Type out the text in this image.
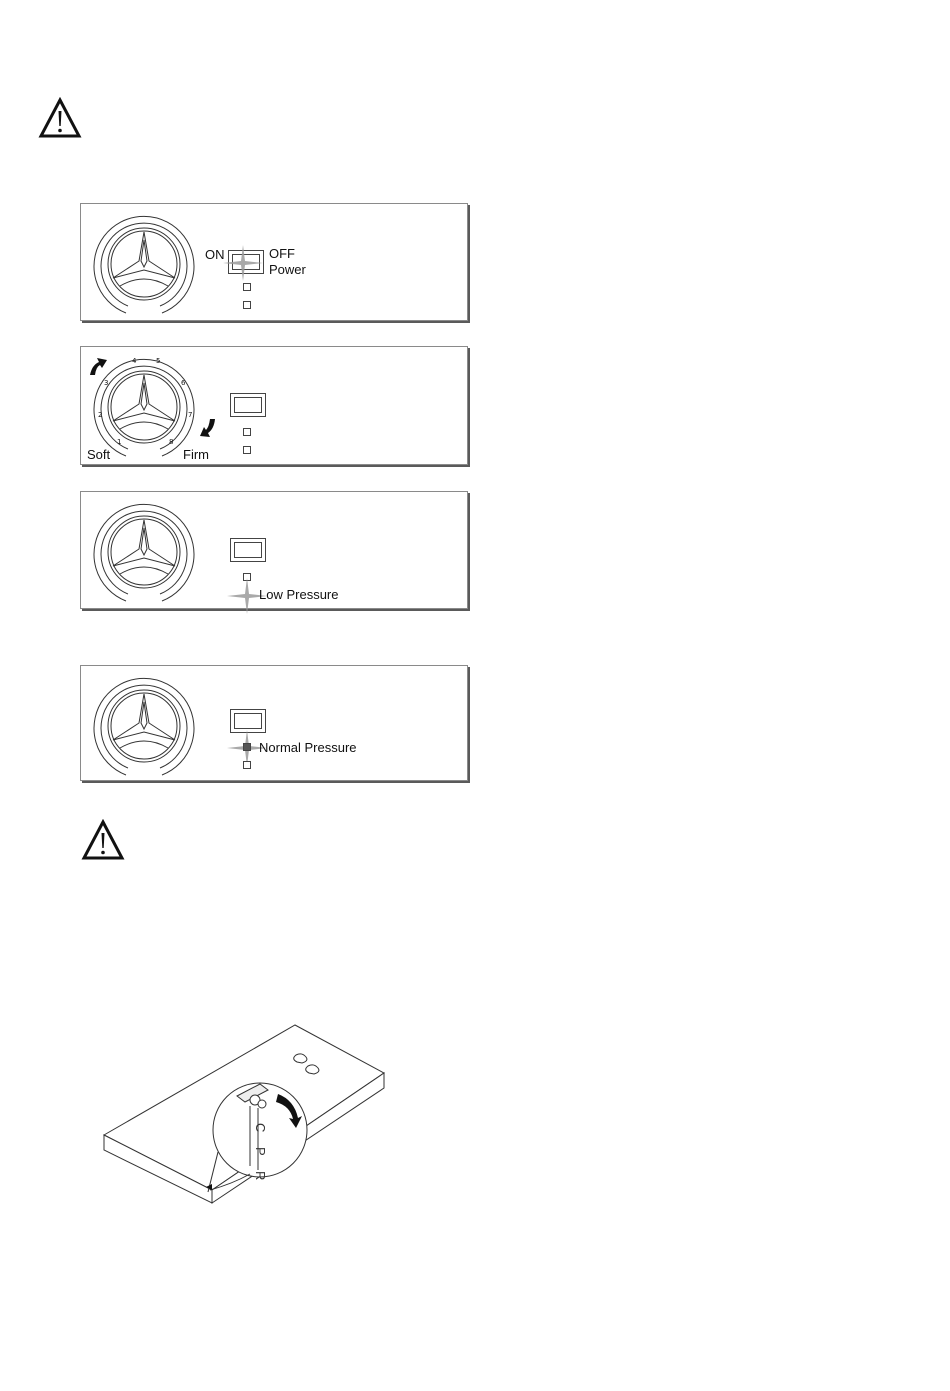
ON	OFF
Power
1
2
3
4	5
6
7
8
Soft	Firm
Low Pressure
Normal Pressure
C
P
R
